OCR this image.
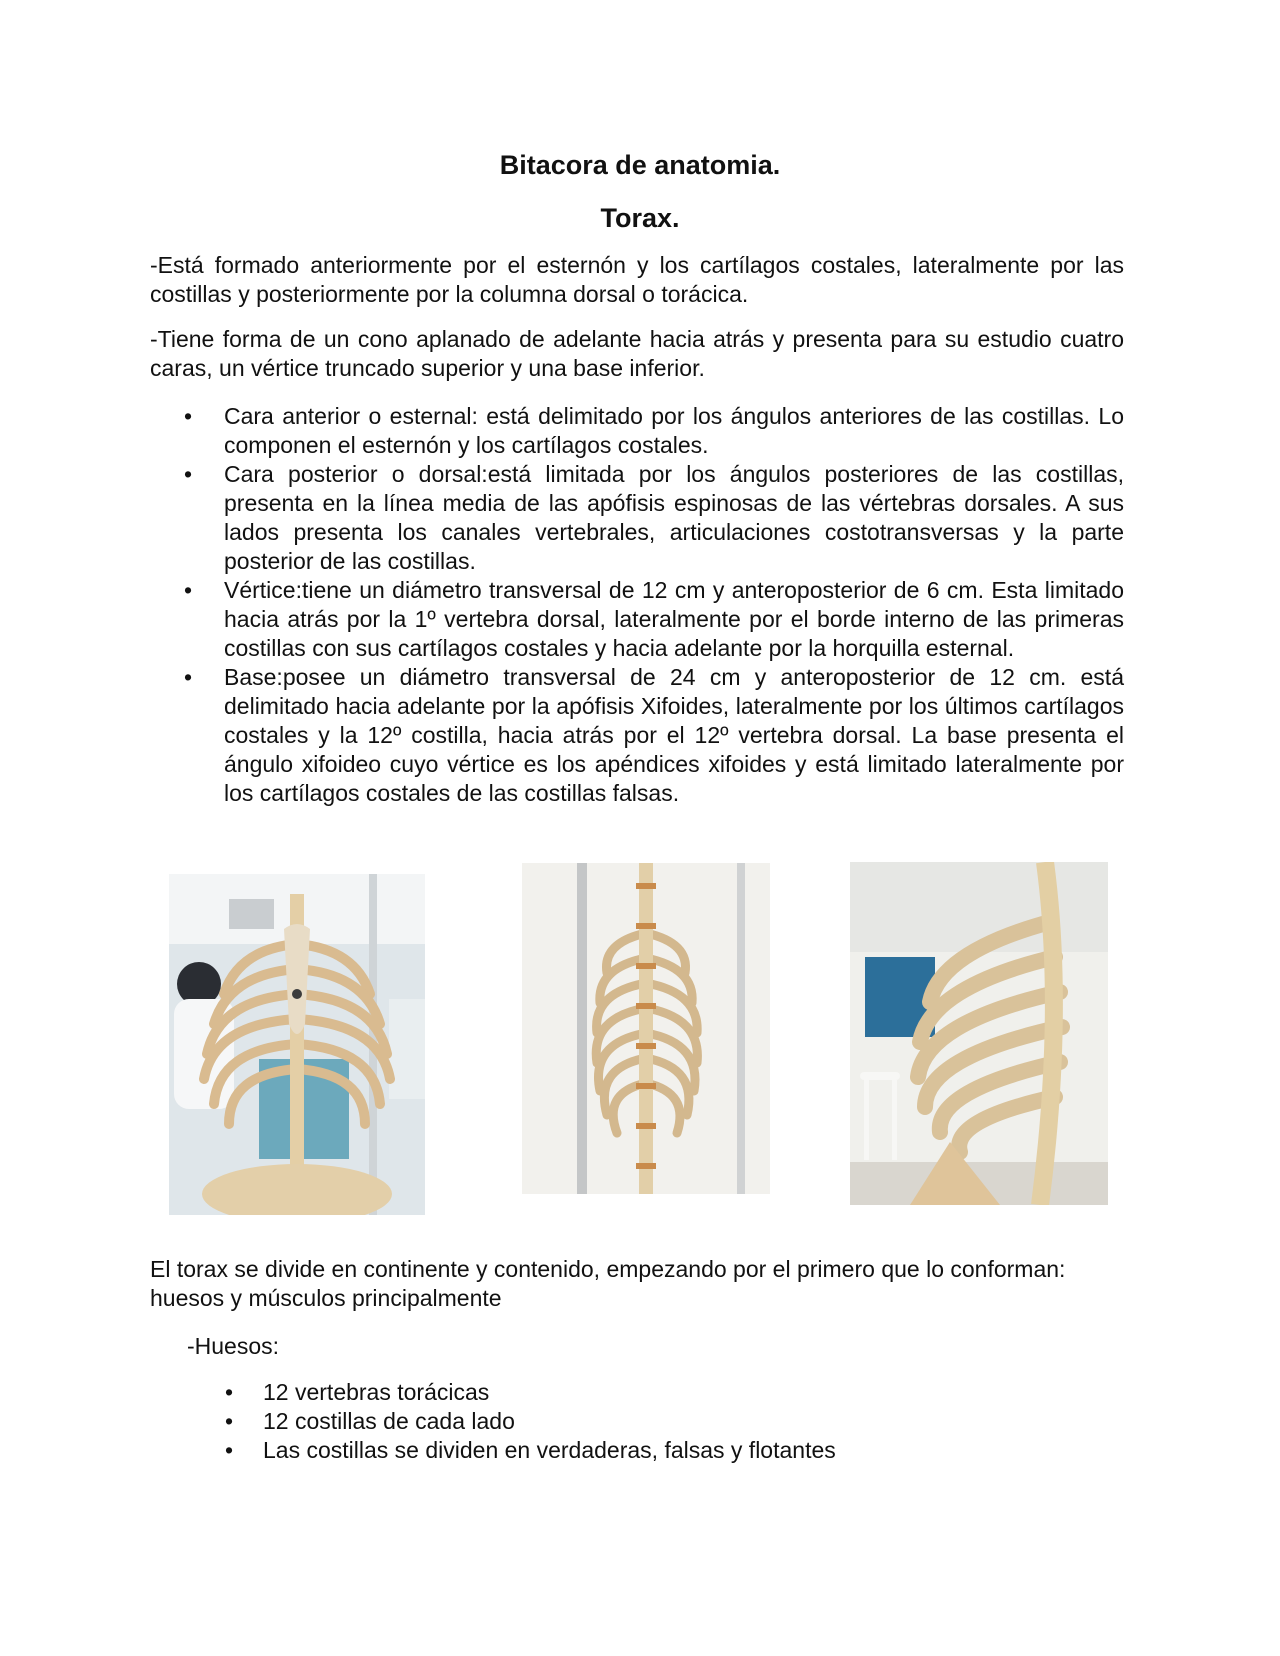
Bitacora de anatomia.
Torax.

-Está formado anteriormente por el esternón y los cartílagos costales, lateralmente por las costillas y posteriormente por la columna dorsal o torácica.

-Tiene forma de un cono aplanado de adelante hacia atrás y presenta para su estudio cuatro caras, un vértice truncado superior y una base inferior.

• Cara anterior o esternal: está delimitado por los ángulos anteriores de las costillas. Lo componen el esternón y los cartílagos costales.
• Cara posterior o dorsal:está limitada por los ángulos posteriores de las costillas, presenta en la línea media de las apófisis espinosas de las vértebras dorsales. A sus lados presenta los canales vertebrales, articulaciones costotransversas y la parte posterior de las costillas.
• Vértice:tiene un diámetro transversal de 12 cm y anteroposterior de 6 cm. Esta limitado hacia atrás por la 1º vertebra dorsal, lateralmente por el borde interno de las primeras costillas con sus cartílagos costales y hacia adelante por la horquilla esternal.
• Base:posee un diámetro transversal de 24 cm y anteroposterior de 12 cm. está delimitado hacia adelante por la apófisis Xifoides, lateralmente por los últimos cartílagos costales y la 12º costilla, hacia atrás por el 12º vertebra dorsal. La base presenta el ángulo xifoideo cuyo vértice es los apéndices xifoides y está limitado lateralmente por los cartílagos costales de las costillas falsas.

El torax se divide en continente y contenido, empezando por el primero que lo conforman: huesos y músculos principalmente

-Huesos:

• 12 vertebras torácicas
• 12 costillas de cada lado
• Las costillas se dividen en verdaderas, falsas y flotantes
